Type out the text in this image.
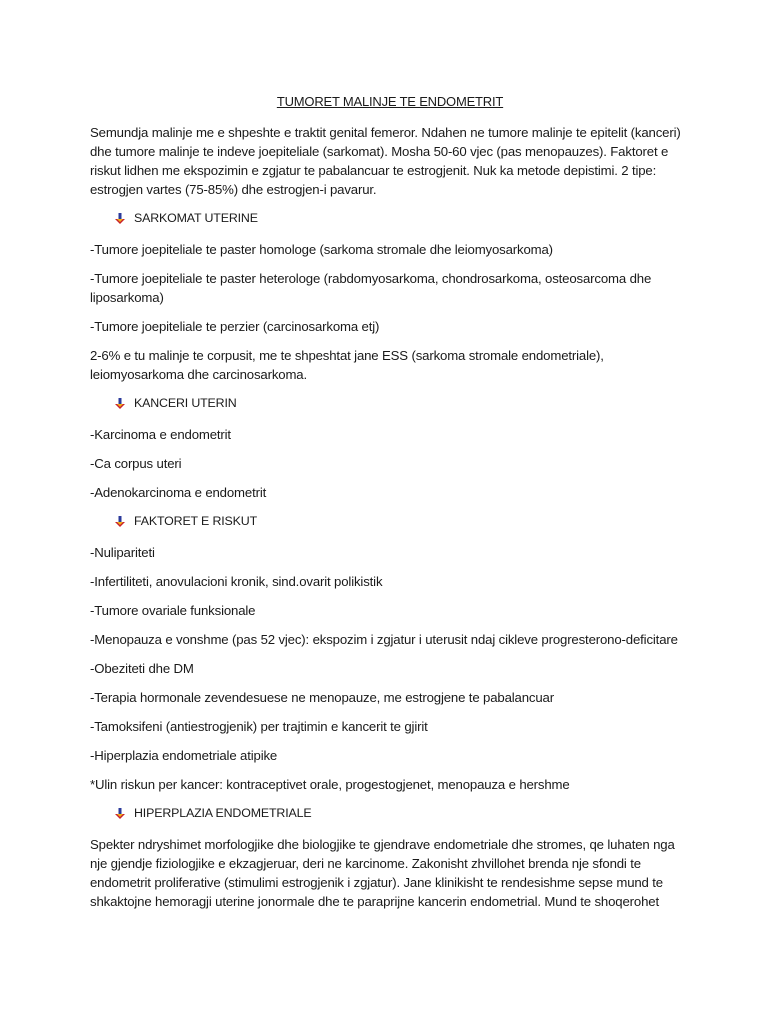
TUMORET MALINJE TE ENDOMETRIT

Semundja malinje me e shpeshte e traktit genital femeror. Ndahen ne tumore malinje te epitelit (kanceri) dhe tumore malinje te indeve joepiteliale (sarkomat). Mosha 50-60 vjec (pas menopauzes). Faktoret e riskut lidhen me ekspozimin e zgjatur te pabalancuar te estrogjenit. Nuk ka metode depistimi. 2 tipe: estrogjen vartes (75-85%) dhe estrogjen-i pavarur.

SARKOMAT UTERINE

-Tumore joepiteliale te paster homologe (sarkoma stromale dhe leiomyosarkoma)

-Tumore joepiteliale te paster heterologe (rabdomyosarkoma, chondrosarkoma, osteosarcoma dhe liposarkoma)

-Tumore joepiteliale te perzier (carcinosarkoma etj)

2-6% e tu malinje te corpusit, me te shpeshtat jane ESS (sarkoma stromale endometriale), leiomyosarkoma dhe carcinosarkoma.

KANCERI UTERIN

-Karcinoma e endometrit

-Ca corpus uteri

-Adenokarcinoma e endometrit

FAKTORET E RISKUT

-Nulipariteti

-Infertiliteti, anovulacioni kronik, sind.ovarit polikistik

-Tumore ovariale funksionale

-Menopauza e vonshme (pas 52 vjec): ekspozim i zgjatur i uterusit ndaj cikleve progresterono-deficitare

-Obeziteti dhe DM

-Terapia hormonale zevendesuese ne menopauze, me estrogjene te pabalancuar

-Tamoksifeni (antiestrogjenik) per trajtimin e kancerit te gjirit

-Hiperplazia endometriale atipike

*Ulin riskun per kancer: kontraceptivet orale, progestogjenet, menopauza e hershme

HIPERPLAZIA ENDOMETRIALE

Spekter ndryshimet morfologjike dhe biologjike te gjendrave endometriale dhe stromes, qe luhaten nga nje gjendje fiziologjike e ekzagjeruar, deri ne karcinome. Zakonisht zhvillohet brenda nje sfondi te endometrit proliferative (stimulimi estrogjenik i zgjatur). Jane klinikisht te rendesishme sepse mund te shkaktojne hemoragji uterine jonormale dhe te paraprijne kancerin endometrial. Mund te shoqerohet
